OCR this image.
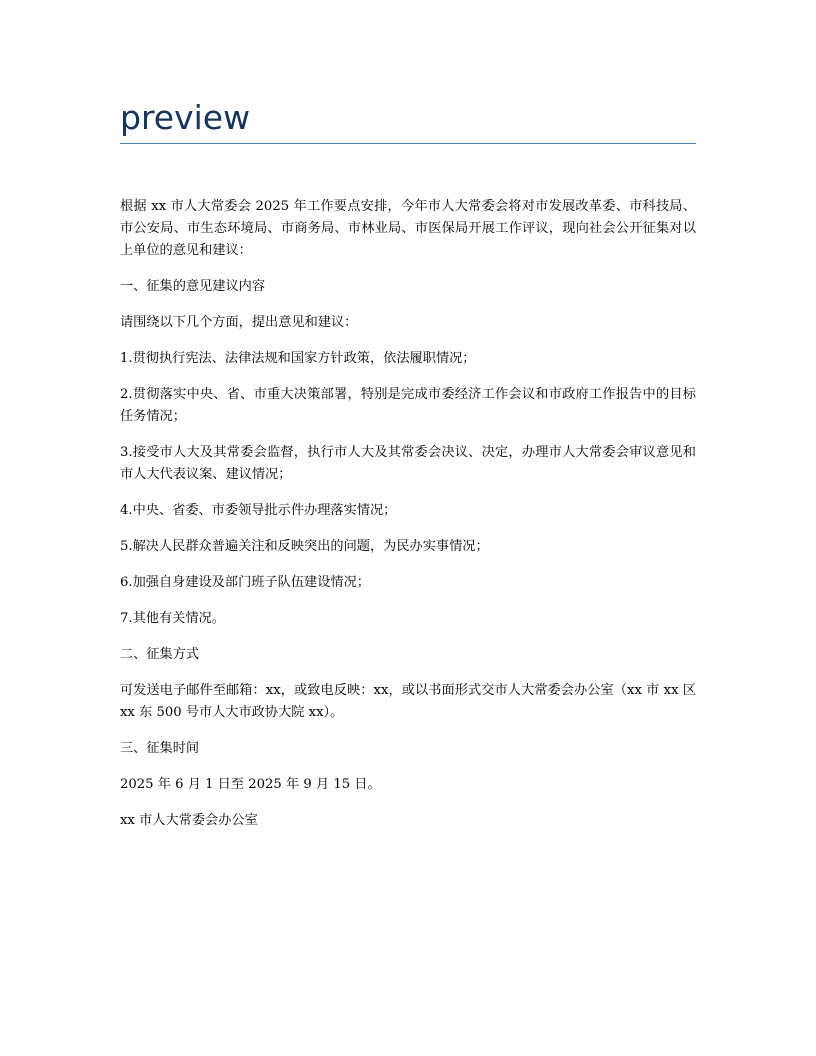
preview

根据 xx 市人大常委会 2025 年工作要点安排，今年市人大常委会将对市发展改革委、市科技局、市公安局、市生态环境局、市商务局、市林业局、市医保局开展工作评议，现向社会公开征集对以上单位的意见和建议：

一、征集的意见建议内容

请围绕以下几个方面，提出意见和建议：

1.贯彻执行宪法、法律法规和国家方针政策，依法履职情况；

2.贯彻落实中央、省、市重大决策部署，特别是完成市委经济工作会议和市政府工作报告中的目标任务情况；

3.接受市人大及其常委会监督，执行市人大及其常委会决议、决定，办理市人大常委会审议意见和市人大代表议案、建议情况；

4.中央、省委、市委领导批示件办理落实情况；

5.解决人民群众普遍关注和反映突出的问题，为民办实事情况；

6.加强自身建设及部门班子队伍建设情况；

7.其他有关情况。

二、征集方式

可发送电子邮件至邮箱：xx，或致电反映：xx，或以书面形式交市人大常委会办公室（xx 市 xx 区 xx 东 500 号市人大市政协大院 xx）。

三、征集时间

2025 年 6 月 1 日至 2025 年 9 月 15 日。

xx 市人大常委会办公室
